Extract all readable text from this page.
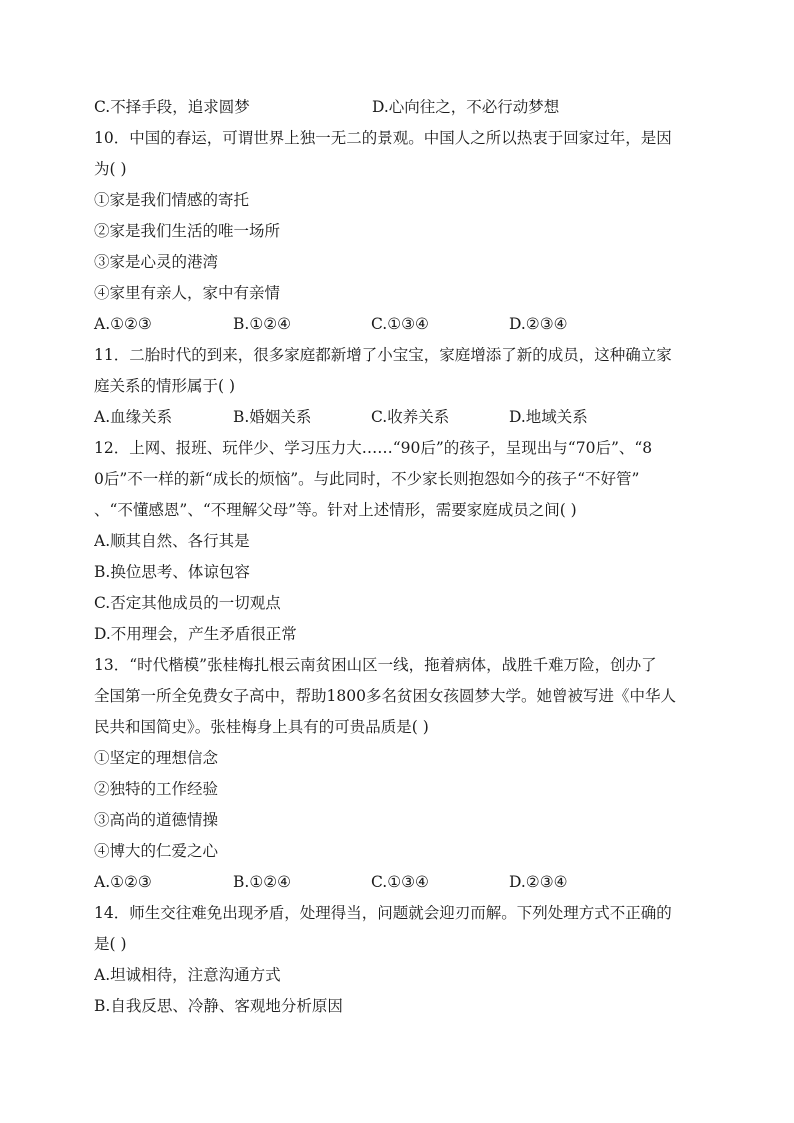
C.不择手段，追求圆梦	D.心向往之，不必行动梦想
10．中国的春运，可谓世界上独一无二的景观。中国人之所以热衷于回家过年，是因
为( )
①家是我们情感的寄托
②家是我们生活的唯一场所
③家是心灵的港湾
④家里有亲人，家中有亲情
A.①②③	B.①②④	C.①③④	D.②③④
11．二胎时代的到来，很多家庭都新增了小宝宝，家庭增添了新的成员，这种确立家
庭关系的情形属于( )
A.血缘关系	B.婚姻关系	C.收养关系	D.地域关系
12．上网、报班、玩伴少、学习压力大……“90后”的孩子，呈现出与“70后”、“8
0后”不一样的新“成长的烦恼”。与此同时，不少家长则抱怨如今的孩子“不好管”
、“不懂感恩”、“不理解父母”等。针对上述情形，需要家庭成员之间( )
A.顺其自然、各行其是
B.换位思考、体谅包容
C.否定其他成员的一切观点
D.不用理会，产生矛盾很正常
13．“时代楷模”张桂梅扎根云南贫困山区一线，拖着病体，战胜千难万险，创办了
全国第一所全免费女子高中，帮助1800多名贫困女孩圆梦大学。她曾被写进《中华人
民共和国简史》。张桂梅身上具有的可贵品质是( )
①坚定的理想信念
②独特的工作经验
③高尚的道德情操
④博大的仁爱之心
A.①②③	B.①②④	C.①③④	D.②③④
14．师生交往难免出现矛盾，处理得当，问题就会迎刃而解。下列处理方式不正确的
是( )
A.坦诚相待，注意沟通方式
B.自我反思、冷静、客观地分析原因
